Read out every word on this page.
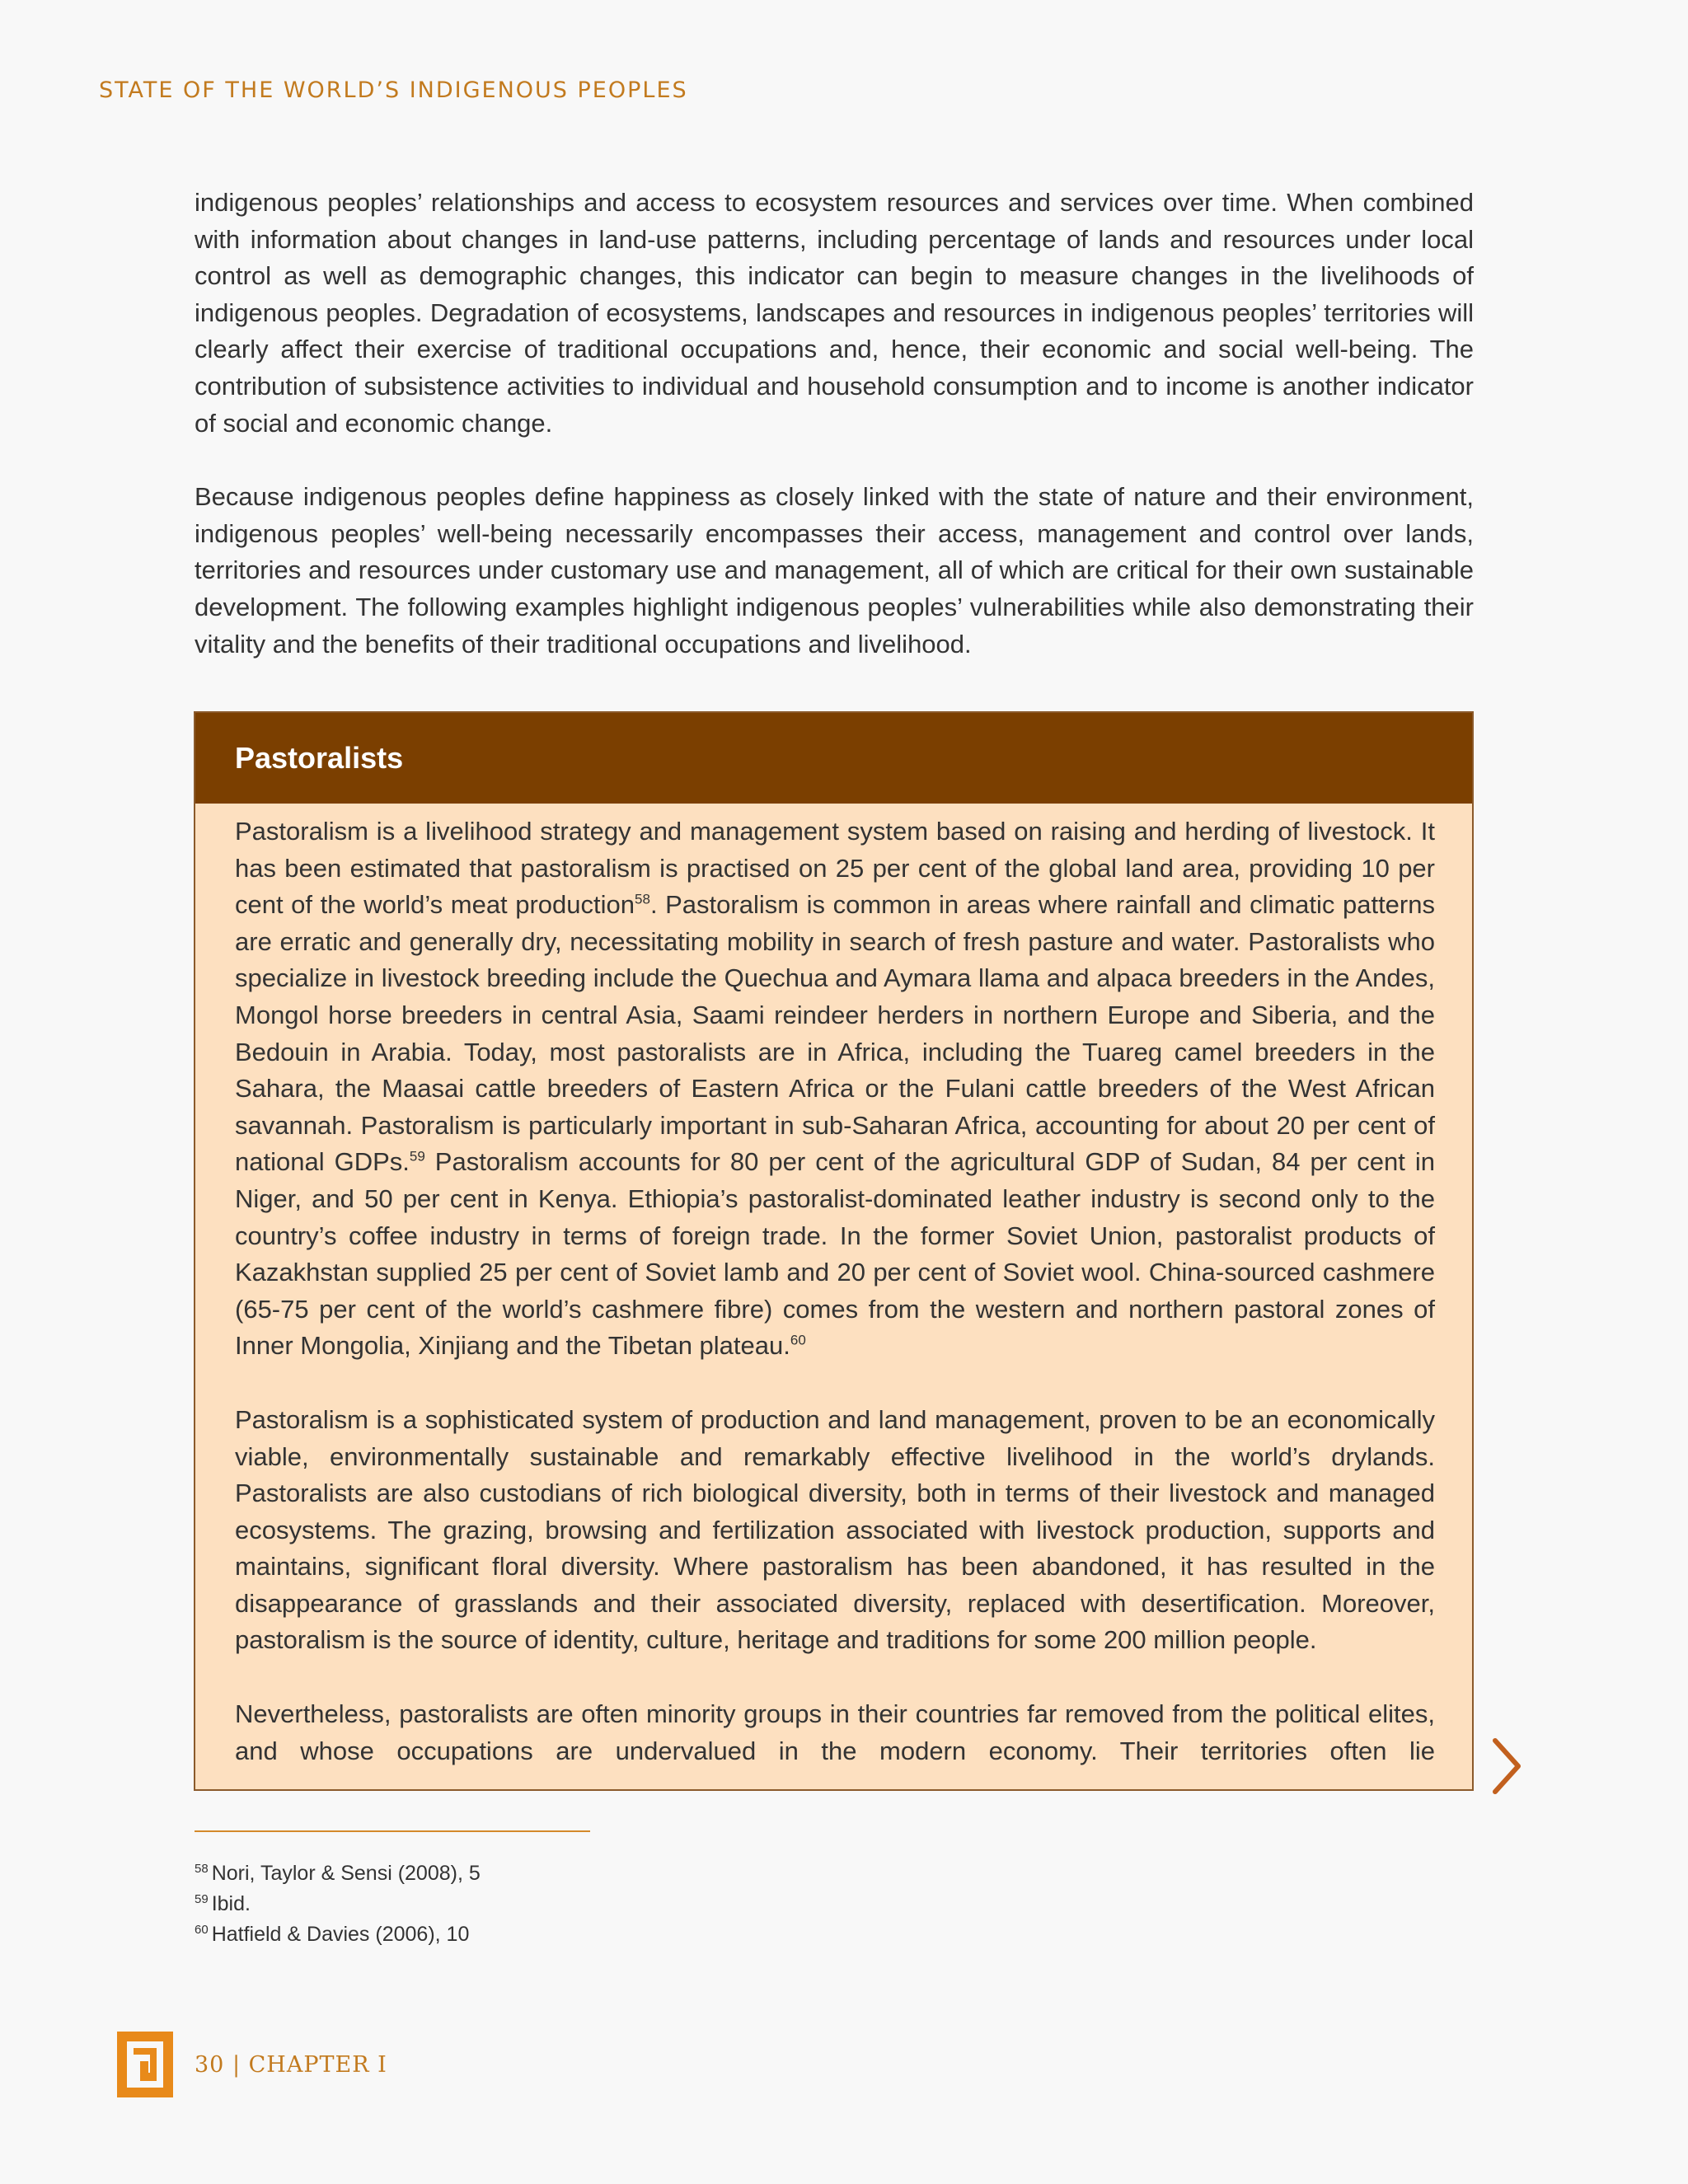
STATE OF THE WORLD’S INDIGENOUS PEOPLES

indigenous peoples’ relationships and access to ecosystem resources and services over time. When combined with information about changes in land-use patterns, including percentage of lands and resources under local control as well as demographic changes, this indicator can begin to measure changes in the livelihoods of indigenous peoples. Degradation of ecosystems, landscapes and resources in indigenous peoples’ territories will clearly affect their exercise of traditional occupations and, hence, their economic and social well-being. The contribution of subsistence activities to individual and household consumption and to income is another indicator of social and economic change.

Because indigenous peoples define happiness as closely linked with the state of nature and their environment, indigenous peoples’ well-being necessarily encompasses their access, management and control over lands, territories and resources under customary use and management, all of which are critical for their own sustainable development. The following examples highlight indigenous peoples’ vulnerabilities while also demonstrating their vitality and the benefits of their traditional occupations and livelihood.

Pastoralists

Pastoralism is a livelihood strategy and management system based on raising and herding of livestock. It has been estimated that pastoralism is practised on 25 per cent of the global land area, providing 10 per cent of the world’s meat production$^{58}$. Pastoralism is common in areas where rainfall and climatic patterns are erratic and generally dry, necessitating mobility in search of fresh pasture and water. Pastoralists who specialize in livestock breeding include the Quechua and Aymara llama and alpaca breeders in the Andes, Mongol horse breeders in central Asia, Saami reindeer herders in northern Europe and Siberia, and the Bedouin in Arabia. Today, most pastoralists are in Africa, including the Tuareg camel breeders in the Sahara, the Maasai cattle breeders of Eastern Africa or the Fulani cattle breeders of the West African savannah. Pastoralism is particularly important in sub-Saharan Africa, accounting for about 20 per cent of national GDPs.$^{59}$ Pastoralism accounts for 80 per cent of the agricultural GDP of Sudan, 84 per cent in Niger, and 50 per cent in Kenya. Ethiopia’s pastoralist-dominated leather industry is second only to the country’s coffee industry in terms of foreign trade. In the former Soviet Union, pastoralist products of Kazakhstan supplied 25 per cent of Soviet lamb and 20 per cent of Soviet wool. China-sourced cashmere (65-75 per cent of the world’s cashmere fibre) comes from the western and northern pastoral zones of Inner Mongolia, Xinjiang and the Tibetan plateau.$^{60}$

Pastoralism is a sophisticated system of production and land management, proven to be an economically viable, environmentally sustainable and remarkably effective livelihood in the world’s drylands. Pastoralists are also custodians of rich biological diversity, both in terms of their livestock and managed ecosystems. The grazing, browsing and fertilization associated with livestock production, supports and maintains, significant floral diversity. Where pastoralism has been abandoned, it has resulted in the disappearance of grasslands and their associated diversity, replaced with desertification. Moreover, pastoralism is the source of identity, culture, heritage and traditions for some 200 million people.

Nevertheless, pastoralists are often minority groups in their countries far removed from the political elites, and whose occupations are undervalued in the modern economy. Their territories often lie

$^{58}$ Nori, Taylor & Sensi (2008), 5
$^{59}$ Ibid.
$^{60}$ Hatfield & Davies (2006), 10
30 | CHAPTER I
